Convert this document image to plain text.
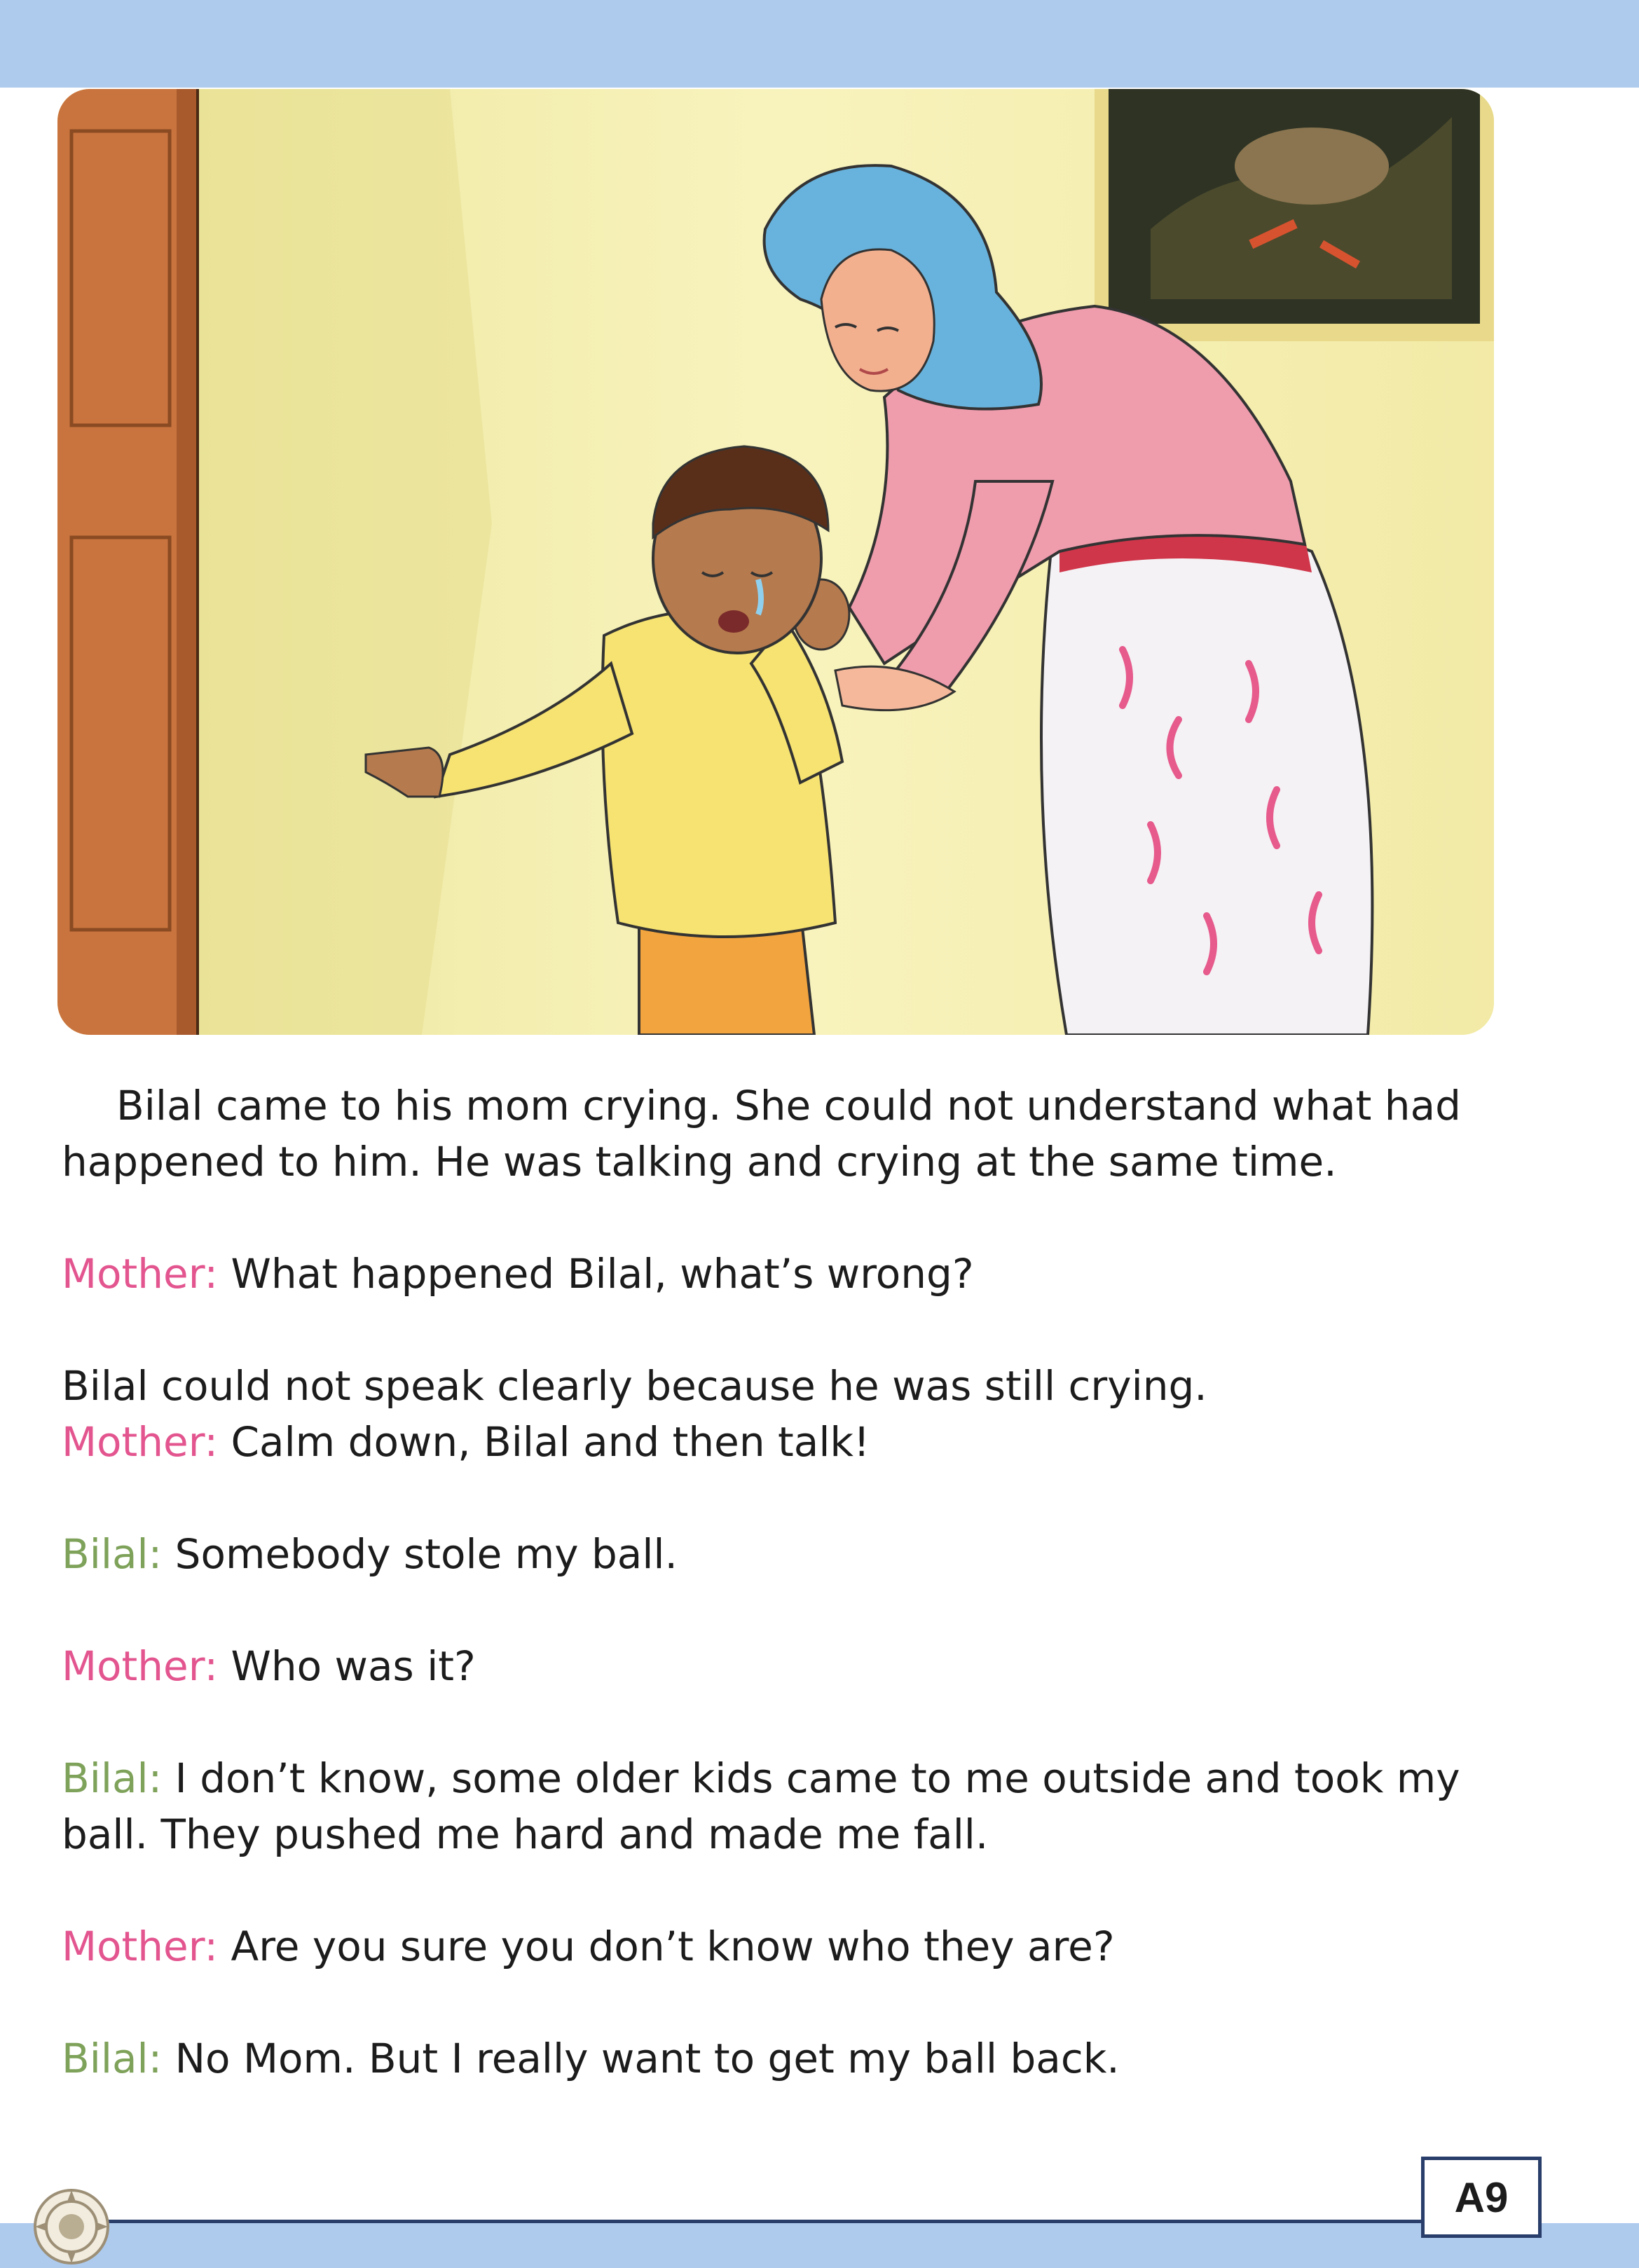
Bilal came to his mom crying. She could not understand what had

happened to him. He was talking and crying at the same time.

Mother: What happened Bilal, what’s wrong?

Bilal could not speak clearly because he was still crying.

Mother: Calm down, Bilal and then talk!

Bilal: Somebody stole my ball.

Mother: Who was it?

Bilal: I don’t know, some older kids came to me outside and took my

ball. They pushed me hard and made me fall.

Mother: Are you sure you don’t know who they are?

Bilal: No Mom. But I really want to get my ball back.

A9
